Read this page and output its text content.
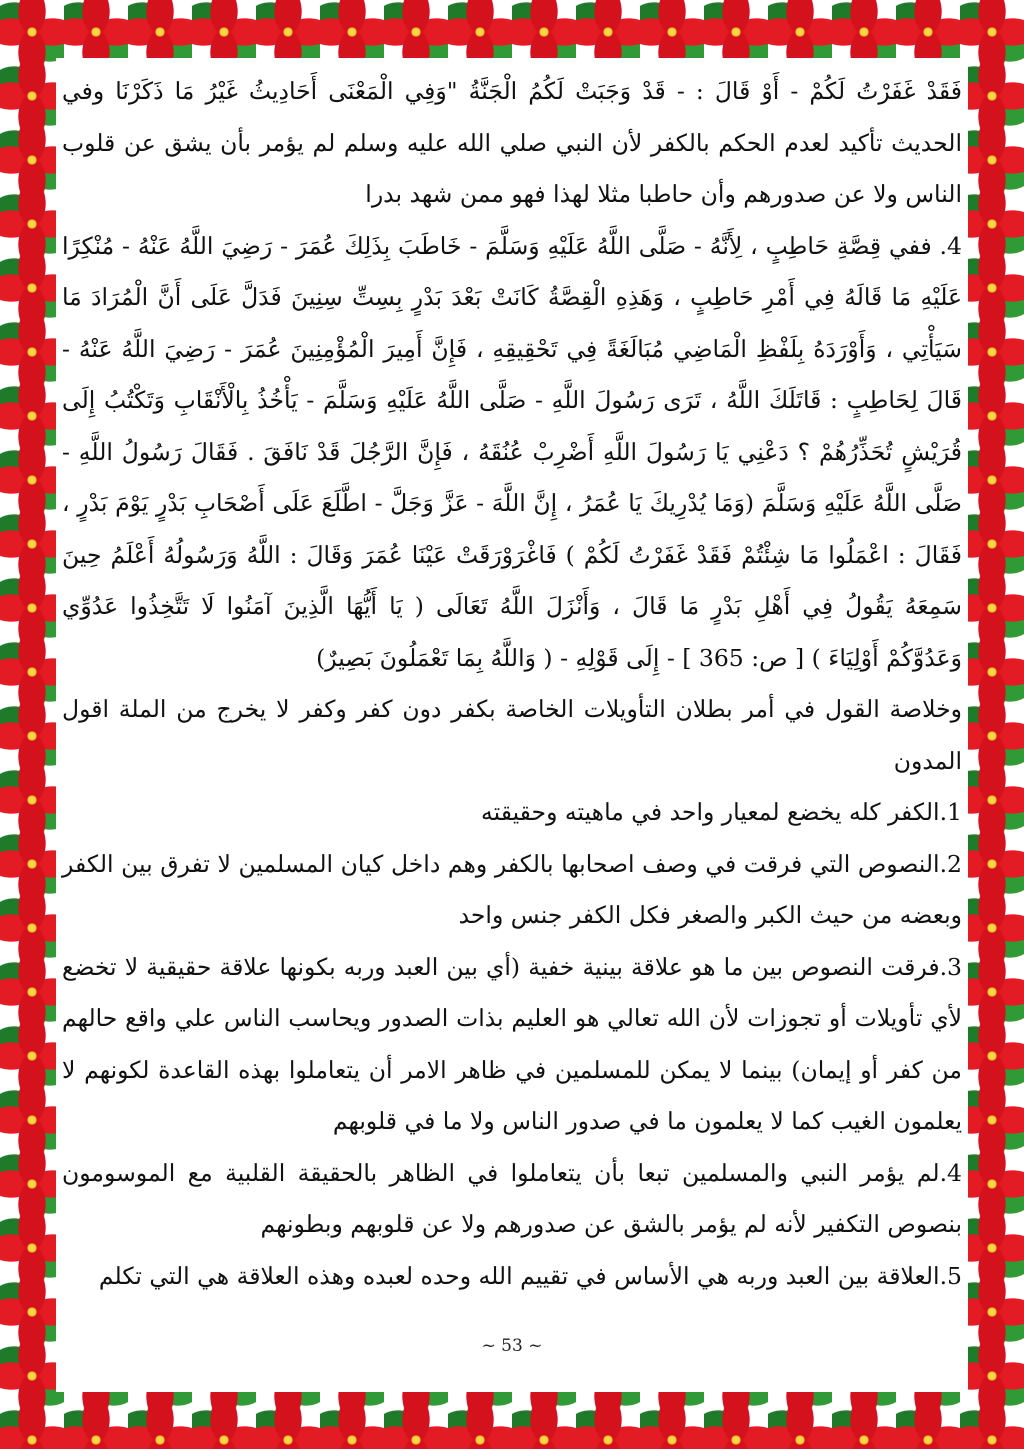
فَقَدْ غَفَرْتُ لَكُمْ - أَوْ قَالَ : - قَدْ وَجَبَتْ لَكُمُ الْجَنَّةُ "وَفِي الْمَعْنَى أَحَادِيثُ غَيْرُ مَا ذَكَرْنَا وفي الحديث تأكيد لعدم الحكم بالكفر لأن النبي صلي الله عليه وسلم لم يؤمر بأن يشق عن قلوب الناس ولا عن صدورهم وأن حاطبا مثلا لهذا فهو ممن شهد بدرا

4. ففي قِصَّةِ حَاطِبٍ ، لِأَنَّهُ - صَلَّى اللَّهُ عَلَيْهِ وَسَلَّمَ - خَاطَبَ بِذَلِكَ عُمَرَ - رَضِيَ اللَّهُ عَنْهُ - مُنْكِرًا عَلَيْهِ مَا قَالَهُ فِي أَمْرِ حَاطِبٍ ، وَهَذِهِ الْقِصَّةُ كَانَتْ بَعْدَ بَدْرٍ بِسِتِّ سِنِينَ فَدَلَّ عَلَى أَنَّ الْمُرَادَ مَا سَيَأْتِي ، وَأَوْرَدَهُ بِلَفْظِ الْمَاضِي مُبَالَغَةً فِي تَحْقِيقِهِ ، فَإِنَّ أَمِيرَ الْمُؤْمِنِينَ عُمَرَ - رَضِيَ اللَّهُ عَنْهُ - قَالَ لِحَاطِبٍ : قَاتَلَكَ اللَّهُ ، تَرَى رَسُولَ اللَّهِ - صَلَّى اللَّهُ عَلَيْهِ وَسَلَّمَ - يَأْخُذُ بِالْأَنْقَابِ وَتَكْتُبُ إِلَى قُرَيْشٍ تُحَذِّرُهُمْ ؟ دَعْنِي يَا رَسُولَ اللَّهِ أَضْرِبْ عُنُقَهُ ، فَإِنَّ الرَّجُلَ قَدْ نَافَقَ . فَقَالَ رَسُولُ اللَّهِ - صَلَّى اللَّهُ عَلَيْهِ وَسَلَّمَ (وَمَا يُدْرِيكَ يَا عُمَرُ ، إِنَّ اللَّهَ - عَزَّ وَجَلَّ - اطَّلَعَ عَلَى أَصْحَابِ بَدْرٍ يَوْمَ بَدْرٍ ، فَقَالَ : اعْمَلُوا مَا شِئْتُمْ فَقَدْ غَفَرْتُ لَكُمْ ) فَاغْرَوْرَقَتْ عَيْنَا عُمَرَ وَقَالَ : اللَّهُ وَرَسُولُهُ أَعْلَمُ حِينَ سَمِعَهُ يَقُولُ فِي أَهْلِ بَدْرٍ مَا قَالَ ، وَأَنْزَلَ اللَّهُ تَعَالَى ( يَا أَيُّهَا الَّذِينَ آمَنُوا لَا تَتَّخِذُوا عَدُوِّي وَعَدُوَّكُمْ أَوْلِيَاءَ ) [ ص: 365 ] - إِلَى قَوْلِهِ - ( وَاللَّهُ بِمَا تَعْمَلُونَ بَصِيرٌ)

وخلاصة القول في أمر بطلان التأويلات الخاصة بكفر دون كفر وكفر لا يخرج من الملة اقول المدون

1.الكفر كله يخضع لمعيار واحد في ماهيته وحقيقته

2.النصوص التي فرقت في وصف اصحابها بالكفر وهم داخل كيان المسلمين لا تفرق بين الكفر وبعضه من حيث الكبر والصغر فكل الكفر جنس واحد

3.فرقت النصوص بين ما هو علاقة بينية خفية (أي بين العبد وربه بكونها علاقة حقيقية لا تخضع لأي تأويلات أو تجوزات لأن الله تعالي هو العليم بذات الصدور ويحاسب الناس علي واقع حالهم من كفر أو إيمان) بينما لا يمكن للمسلمين في ظاهر الامر أن يتعاملوا بهذه القاعدة لكونهم لا يعلمون الغيب كما لا يعلمون ما في صدور الناس ولا ما في قلوبهم

4.لم يؤمر النبي والمسلمين تبعا بأن يتعاملوا في الظاهر بالحقيقة القلبية مع الموسومون بنصوص التكفير لأنه لم يؤمر بالشق عن صدورهم ولا عن قلوبهم وبطونهم

5.العلاقة بين العبد وربه هي الأساس في تقييم الله وحده لعبده وهذه العلاقة هي التي تكلم

~ 53 ~
